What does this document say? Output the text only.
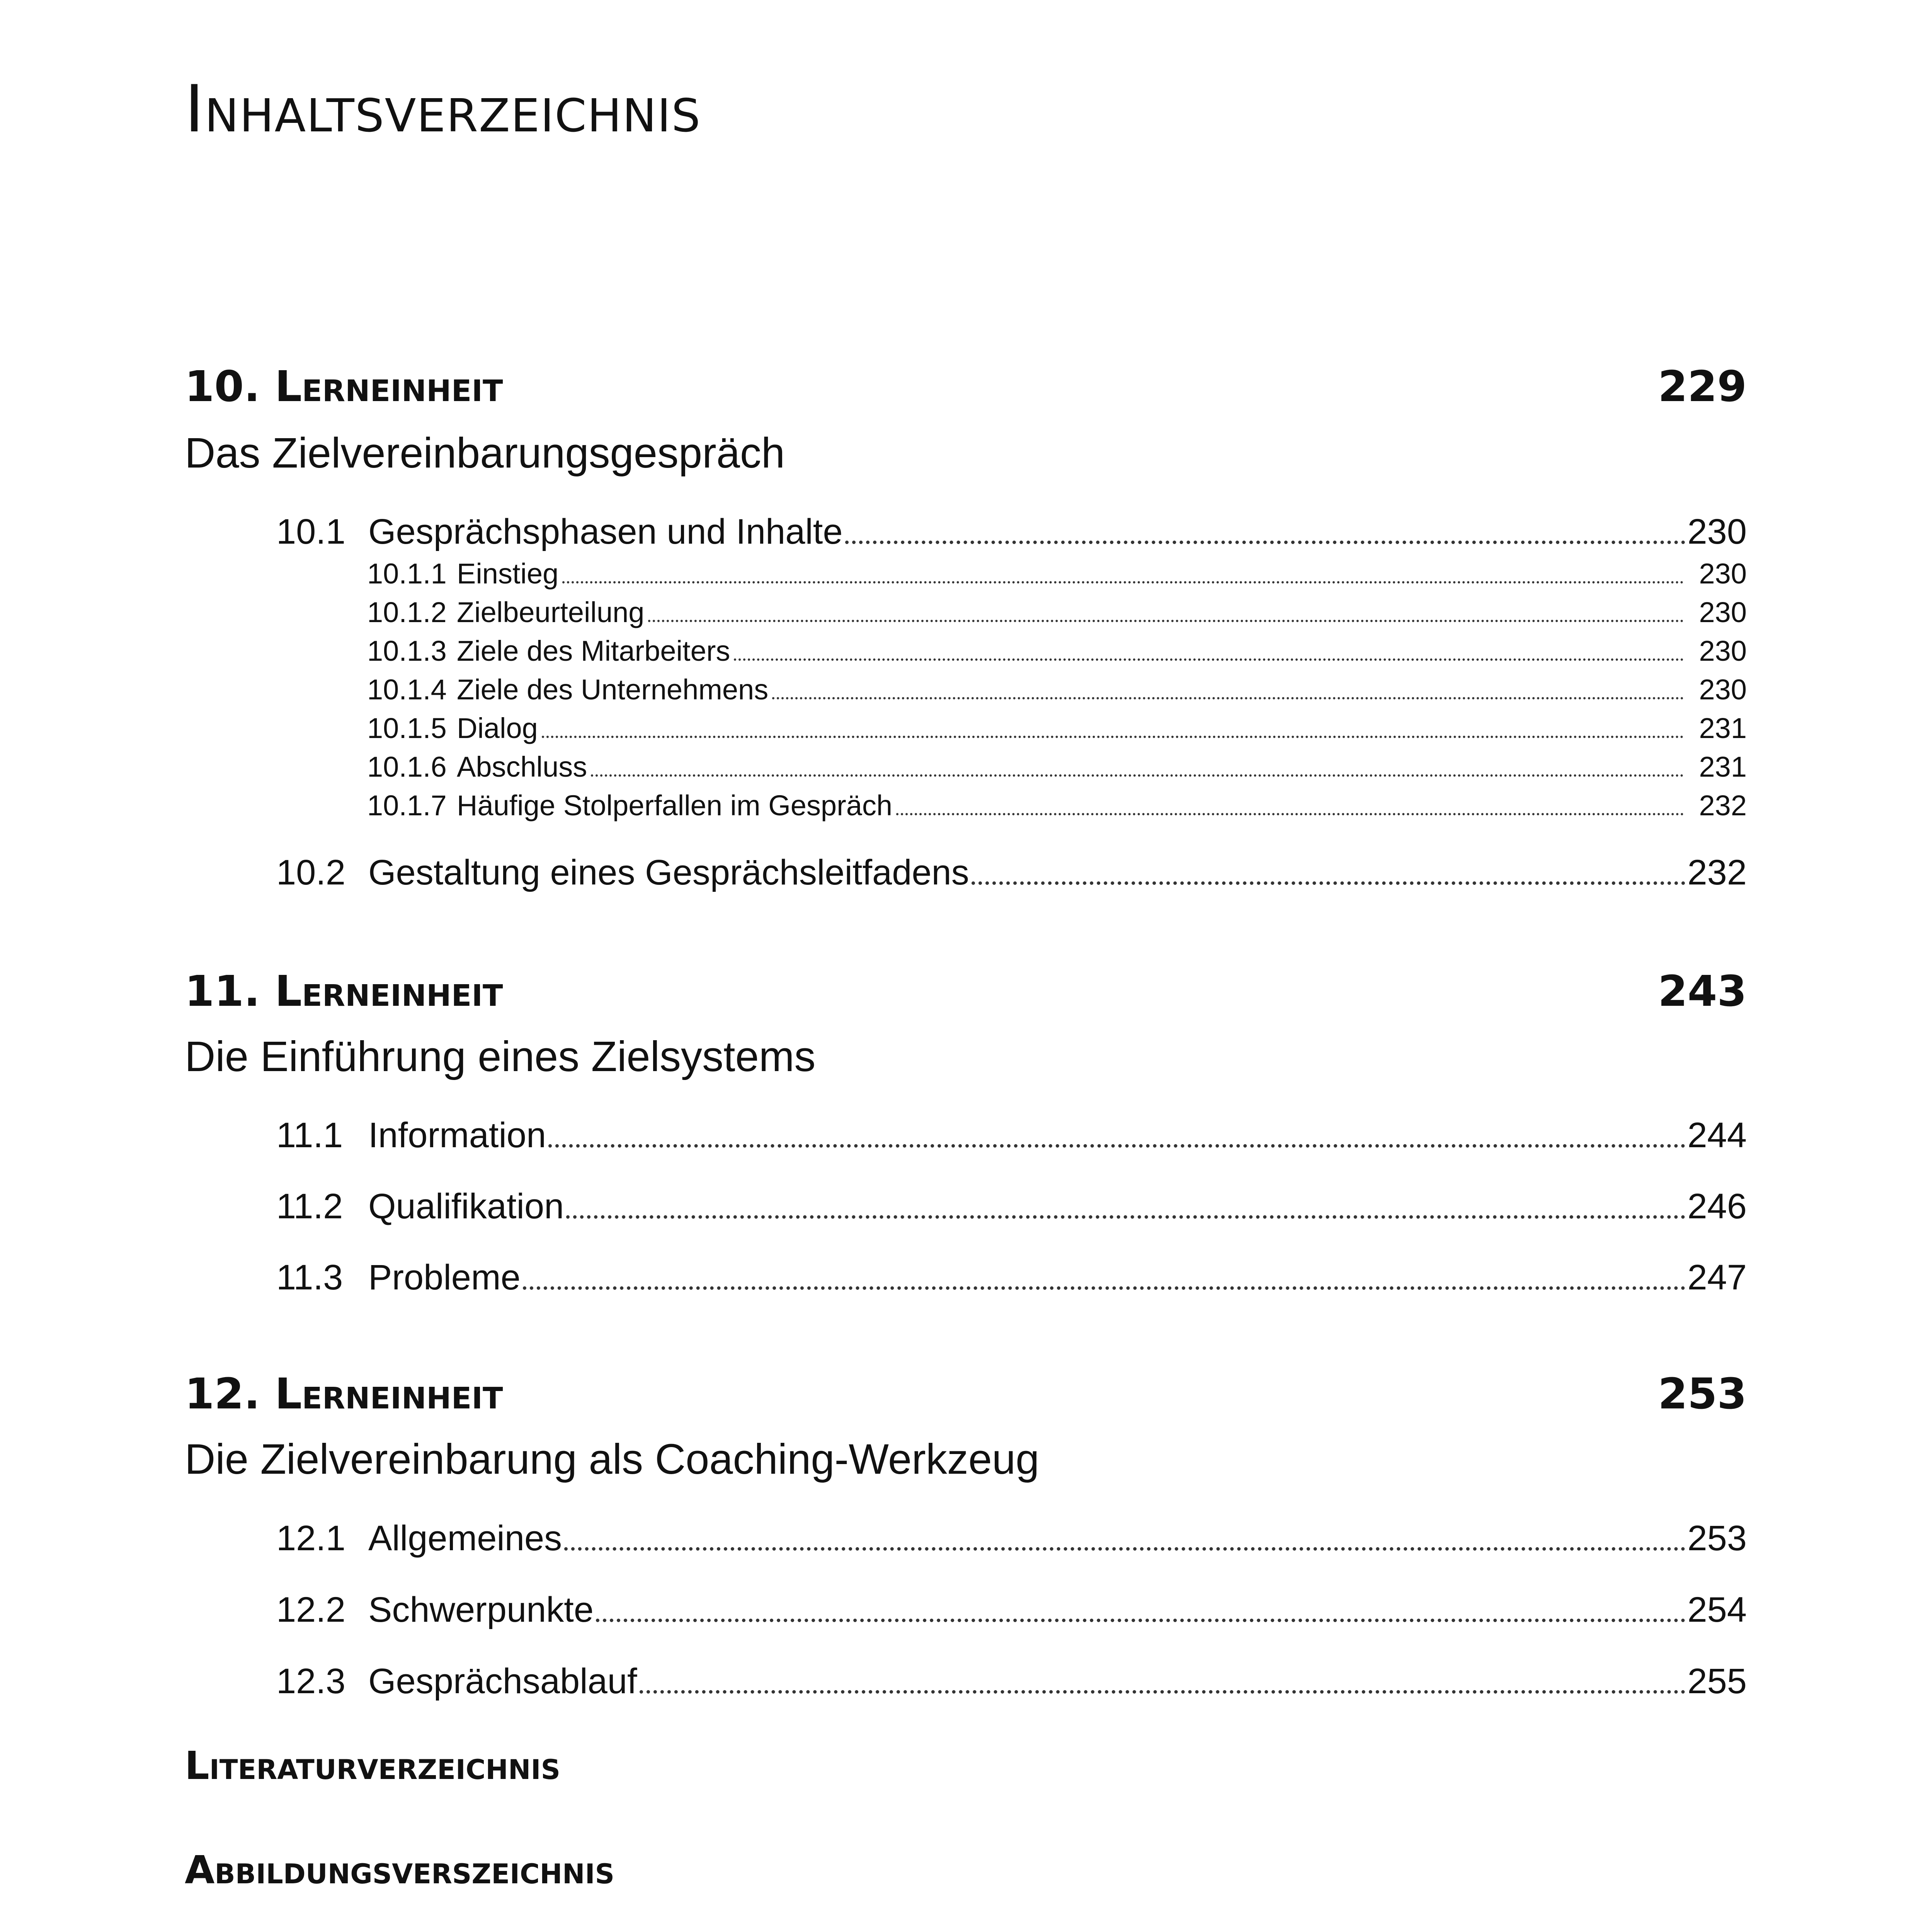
Inhaltsverzeichnis
10. Lerneinheit	229
Das Zielvereinbarungsgespräch
10.1 Gesprächsphasen und Inhalte	230
10.1.1 Einstieg	230
10.1.2 Zielbeurteilung	230
10.1.3 Ziele des Mitarbeiters	230
10.1.4 Ziele des Unternehmens	230
10.1.5 Dialog	231
10.1.6 Abschluss	231
10.1.7 Häufige Stolperfallen im Gespräch	232
10.2 Gestaltung eines Gesprächsleitfadens	232
11. Lerneinheit	243
Die Einführung eines Zielsystems
11.1 Information	244
11.2 Qualifikation	246
11.3 Probleme	247
12. Lerneinheit	253
Die Zielvereinbarung als Coaching-Werkzeug
12.1 Allgemeines	253
12.2 Schwerpunkte	254
12.3 Gesprächsablauf	255
Literaturverzeichnis
Abbildungsverszeichnis
